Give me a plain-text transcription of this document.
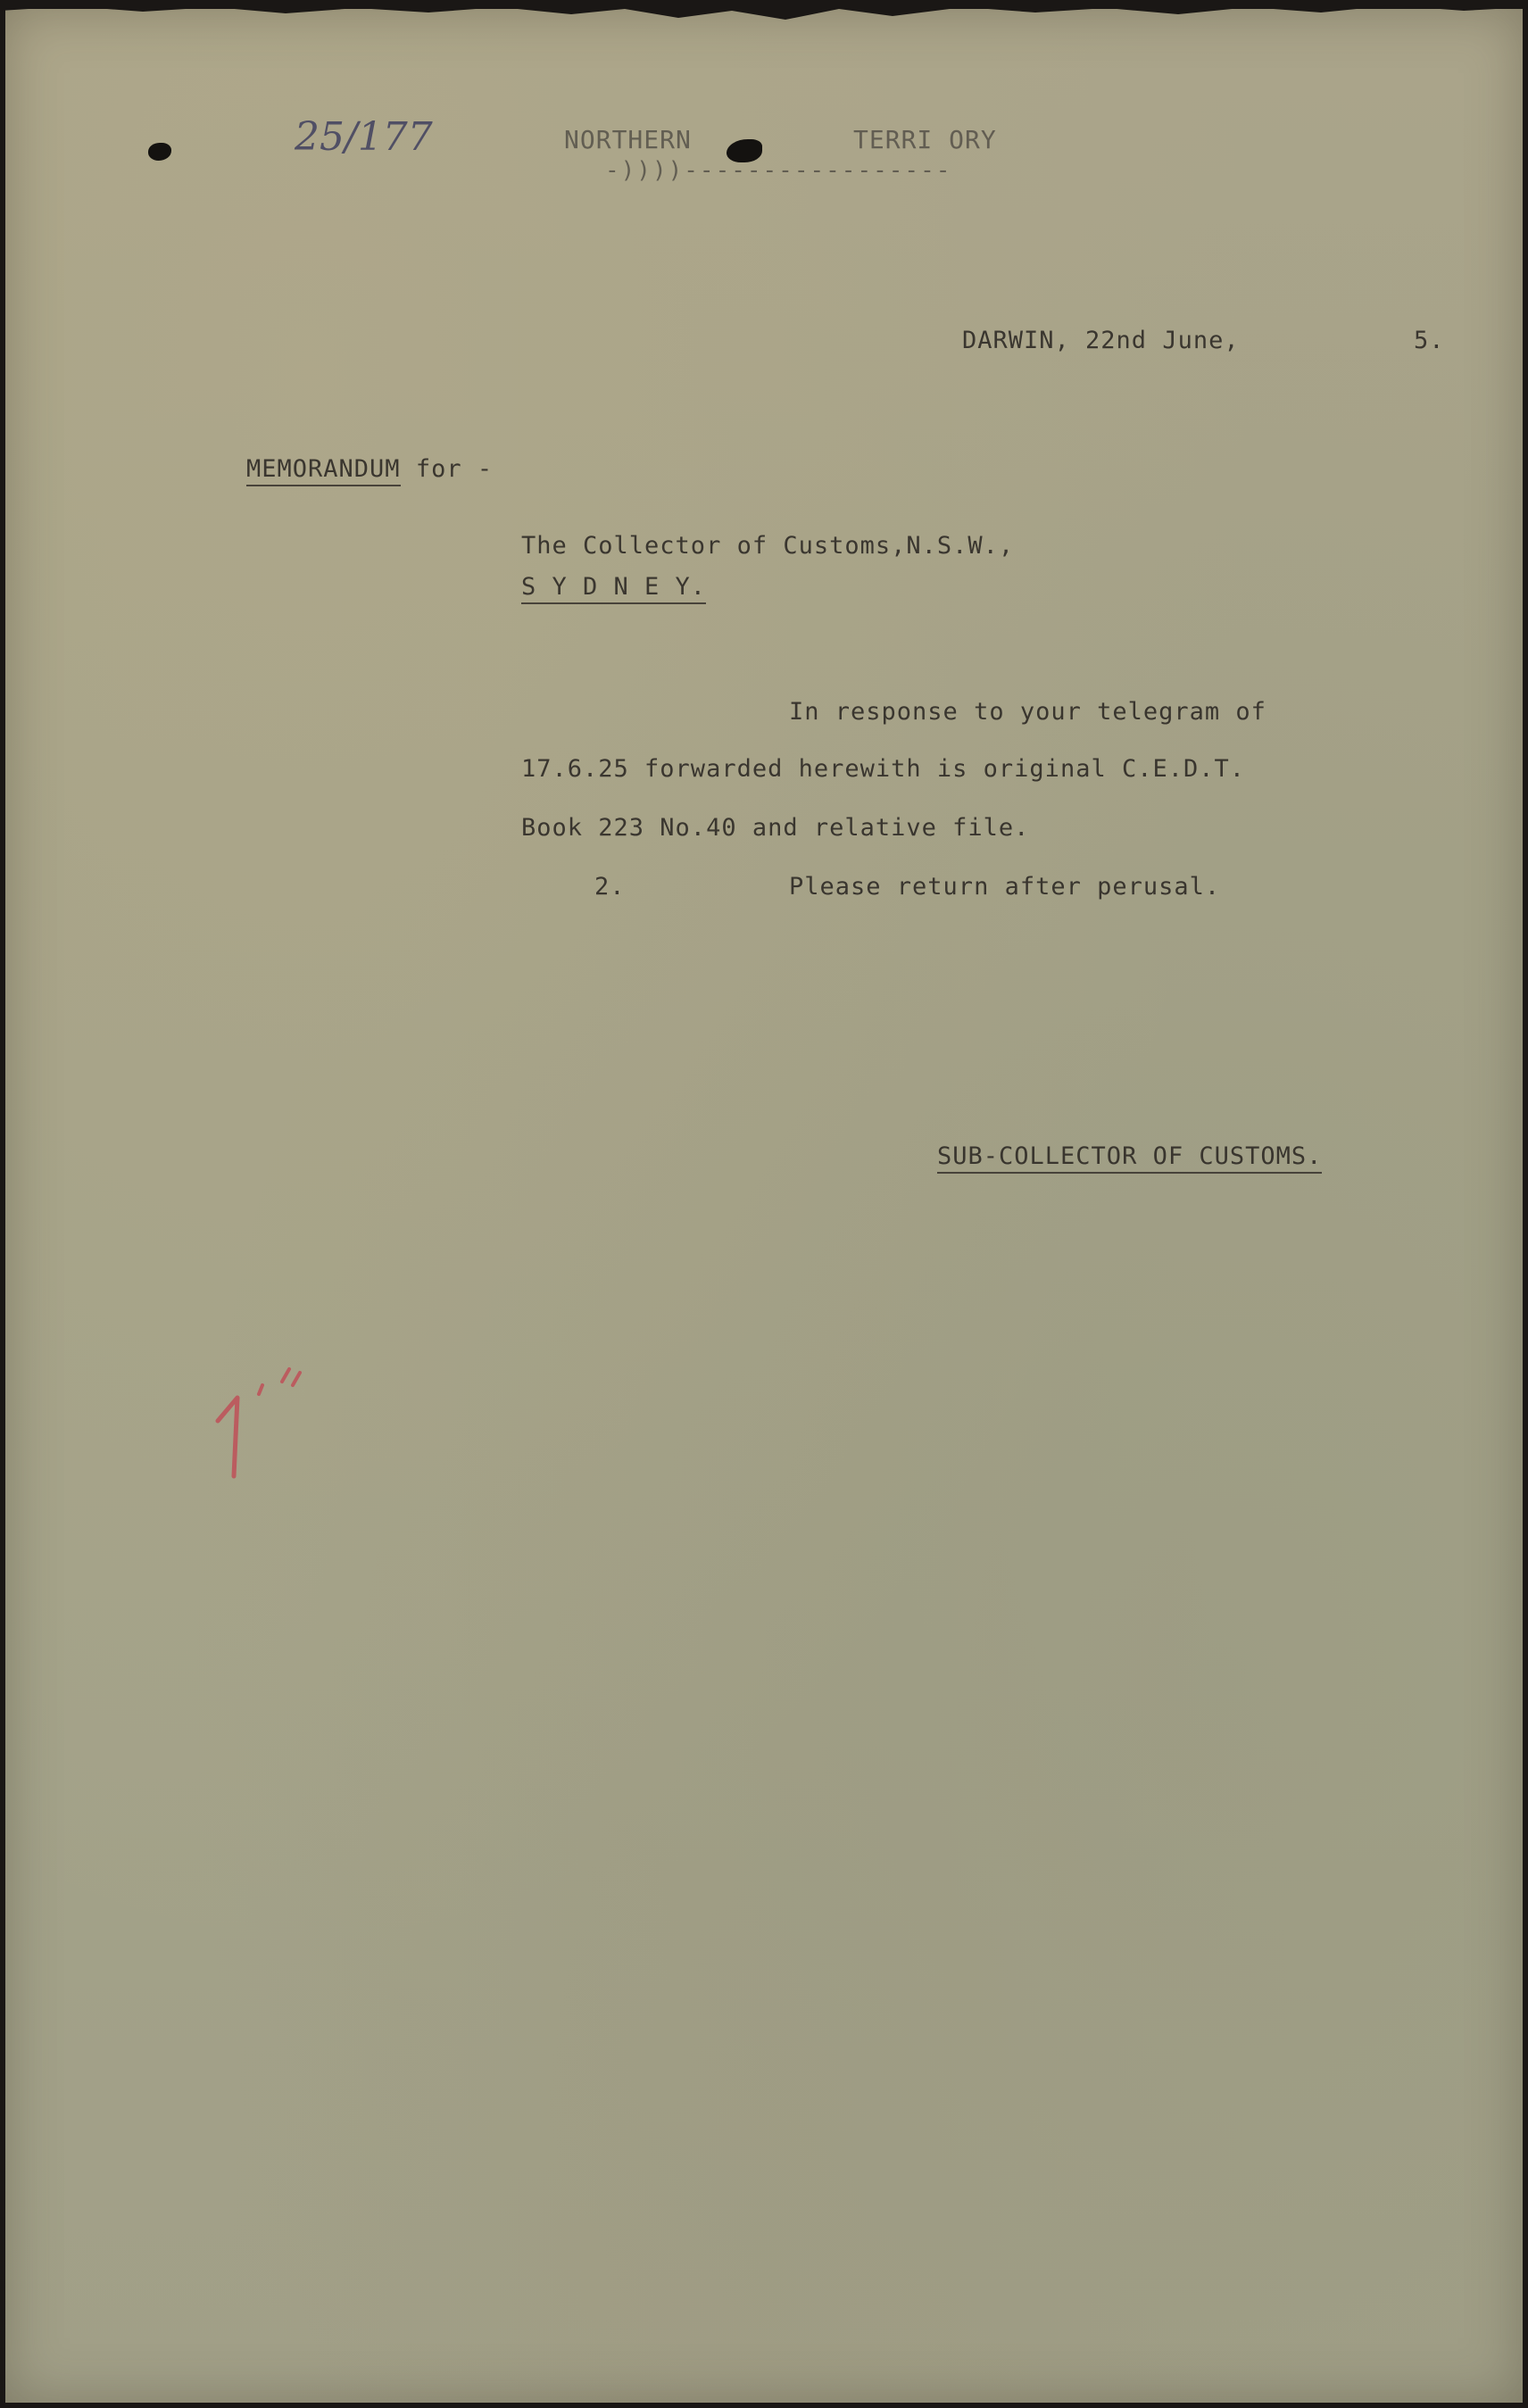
25/177	NORTHERN	TERRI ORY
-))))-----------------
DARWIN, 22nd June,	5.
MEMORANDUM for -
The Collector of Customs,N.S.W.,
S Y D N E Y.
In response to your telegram of
17.6.25 forwarded herewith is original C.E.D.T.
Book 223 No.40 and relative file.
2.	Please return after perusal.
SUB-COLLECTOR OF CUSTOMS.
